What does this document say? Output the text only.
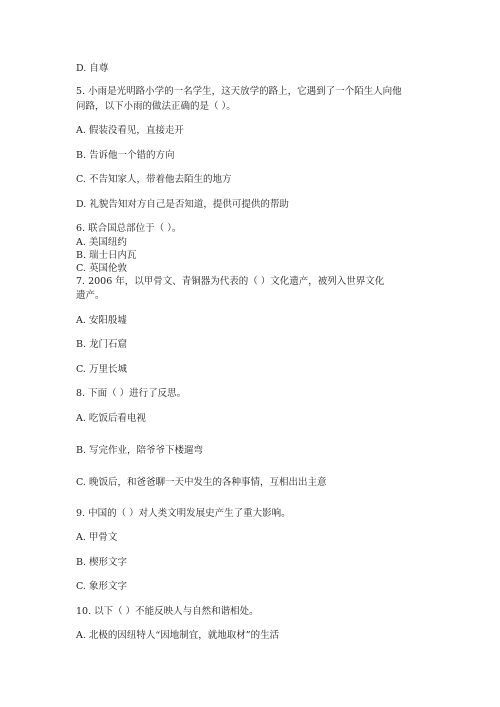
D. 自尊
5. 小雨是光明路小学的一名学生，这天放学的路上，它遇到了一个陌生人向他
问路，以下小雨的做法正确的是（ ）。
A. 假装没看见，直接走开
B. 告诉他一个错的方向
C. 不告知家人，带着他去陌生的地方
D. 礼貌告知对方自己是否知道，提供可提供的帮助
6. 联合国总部位于（ ）。
A. 美国纽约
B. 瑞士日内瓦
C. 英国伦敦
7. 2006 年，以甲骨文、青铜器为代表的（ ）文化遗产，被列入世界文化
遗产。
A. 安阳殷墟
B. 龙门石窟
C. 万里长城
8. 下面（ ）进行了反思。
A. 吃饭后看电视
B. 写完作业，陪爷爷下楼遛弯
C. 晚饭后，和爸爸聊一天中发生的各种事情，互相出出主意
9. 中国的（ ）对人类文明发展史产生了重大影响。
A. 甲骨文
B. 楔形文字
C. 象形文字
10. 以下（ ）不能反映人与自然和谐相处。
A. 北极的因纽特人“因地制宜，就地取材”的生活
